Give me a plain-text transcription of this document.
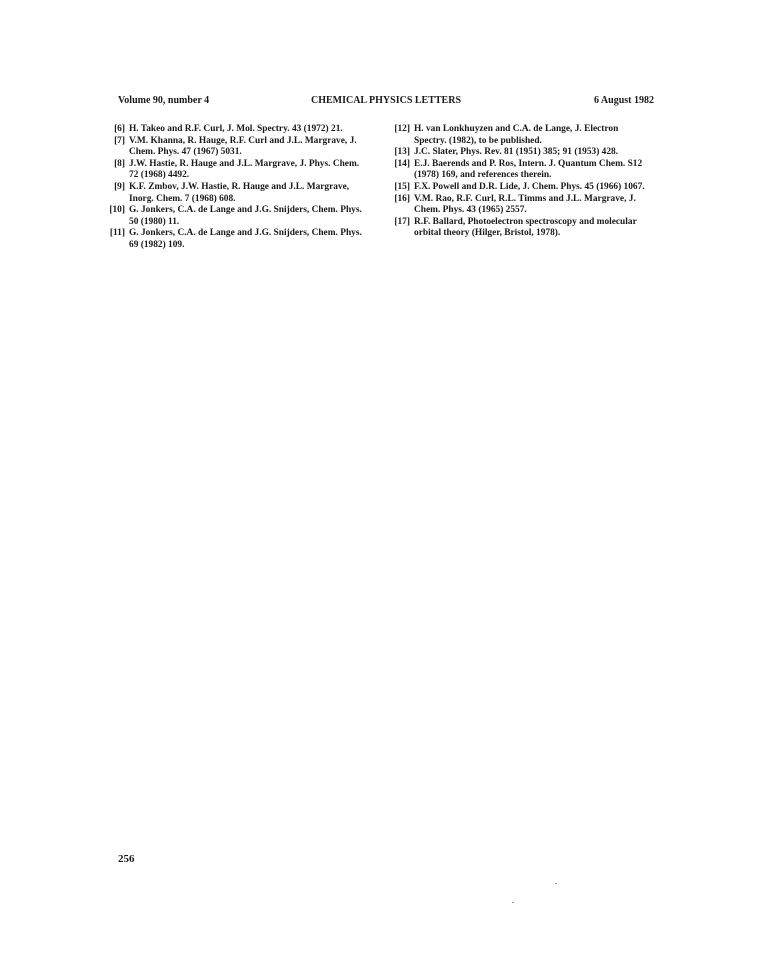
Volume 90, number 4	CHEMICAL PHYSICS LETTERS	6 August 1982
[6] H. Takeo and R.F. Curl, J. Mol. Spectry. 43 (1972) 21.
[7] V.M. Khanna, R. Hauge, R.F. Curl and J.L. Margrave, J. Chem. Phys. 47 (1967) 5031.
[8] J.W. Hastie, R. Hauge and J.L. Margrave, J. Phys. Chem. 72 (1968) 4492.
[9] K.F. Zmbov, J.W. Hastie, R. Hauge and J.L. Margrave, Inorg. Chem. 7 (1968) 608.
[10] G. Jonkers, C.A. de Lange and J.G. Snijders, Chem. Phys. 50 (1980) 11.
[11] G. Jonkers, C.A. de Lange and J.G. Snijders, Chem. Phys. 69 (1982) 109.
[12] H. van Lonkhuyzen and C.A. de Lange, J. Electron Spectry. (1982), to be published.
[13] J.C. Slater, Phys. Rev. 81 (1951) 385; 91 (1953) 428.
[14] E.J. Baerends and P. Ros, Intern. J. Quantum Chem. S12 (1978) 169, and references therein.
[15] F.X. Powell and D.R. Lide, J. Chem. Phys. 45 (1966) 1067.
[16] V.M. Rao, R.F. Curl, R.L. Timms and J.L. Margrave, J. Chem. Phys. 43 (1965) 2557.
[17] R.F. Ballard, Photoelectron spectroscopy and molecular orbital theory (Hilger, Bristol, 1978).
256
